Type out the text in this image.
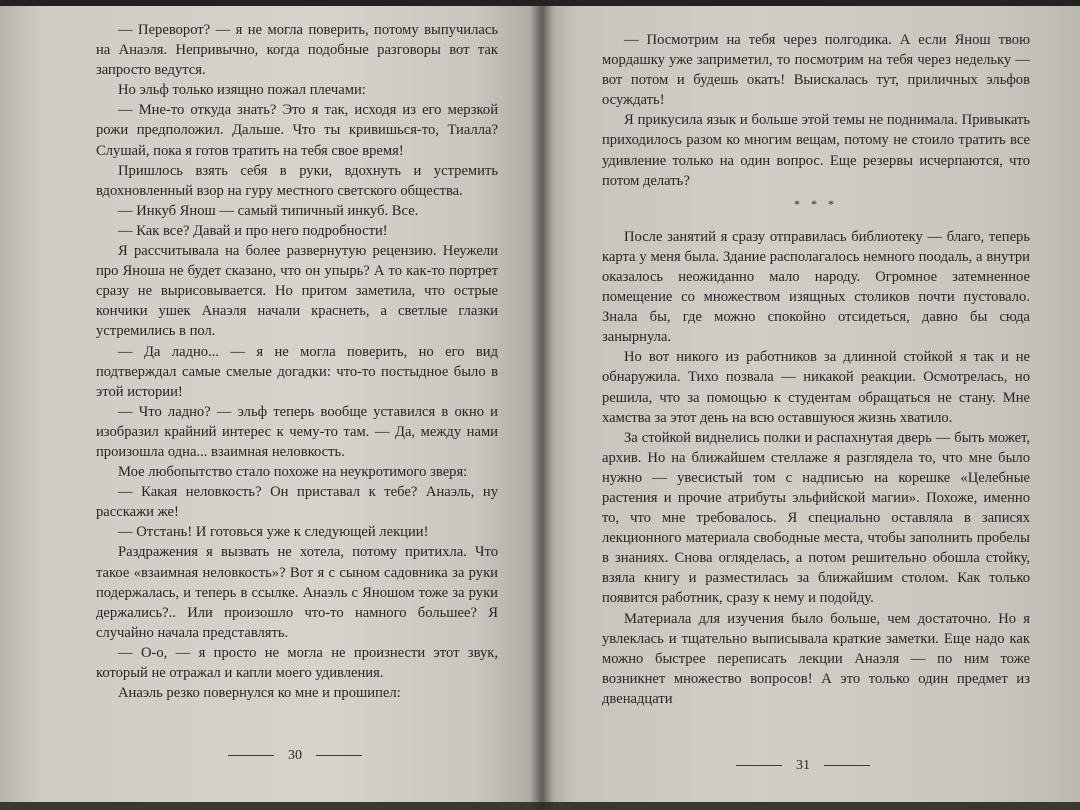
— Переворот? — я не могла поверить, потому выпучилась на Анаэля. Непривычно, когда подобные разговоры вот так запросто ведутся.

Но эльф только изящно пожал плечами:

— Мне-то откуда знать? Это я так, исходя из его мерзкой рожи предположил. Дальше. Что ты кривишься-то, Тиалла? Слушай, пока я готов тратить на тебя свое время!

Пришлось взять себя в руки, вдохнуть и устремить вдохновленный взор на гуру местного светского общества.

— Инкуб Янош — самый типичный инкуб. Все.

— Как все? Давай и про него подробности!

Я рассчитывала на более развернутую рецензию. Неужели про Яноша не будет сказано, что он упырь? А то как-то портрет сразу не вырисовывается. Но притом заметила, что острые кончики ушек Анаэля начали краснеть, а светлые глазки устремились в пол.

— Да ладно... — я не могла поверить, но его вид подтверждал самые смелые догадки: что-то постыдное было в этой истории!

— Что ладно? — эльф теперь вообще уставился в окно и изобразил крайний интерес к чему-то там. — Да, между нами произошла одна... взаимная неловкость.

Мое любопытство стало похоже на неукротимого зверя:

— Какая неловкость? Он приставал к тебе? Анаэль, ну расскажи же!

— Отстань! И готовься уже к следующей лекции!

Раздражения я вызвать не хотела, потому притихла. Что такое «взаимная неловкость»? Вот я с сыном садовника за руки подержалась, и теперь в ссылке. Анаэль с Яношом тоже за руки держались?.. Или произошло что-то намного большее? Я случайно начала представлять.

— О-о, — я просто не могла не произнести этот звук, который не отражал и капли моего удивления.

Анаэль резко повернулся ко мне и прошипел:

30

— Посмотрим на тебя через полгодика. А если Янош твою мордашку уже заприметил, то посмотрим на тебя через недельку — вот потом и будешь окать! Выискалась тут, приличных эльфов осуждать!

Я прикусила язык и больше этой темы не поднимала. Привыкать приходилось разом ко многим вещам, потому не стоило тратить все удивление только на один вопрос. Еще резервы исчерпаются, что потом делать?

* * *

После занятий я сразу отправилась библиотеку — благо, теперь карта у меня была. Здание располагалось немного поодаль, а внутри оказалось неожиданно мало народу. Огромное затемненное помещение со множеством изящных столиков почти пустовало. Знала бы, где можно спокойно отсидеться, давно бы сюда занырнула.

Но вот никого из работников за длинной стойкой я так и не обнаружила. Тихо позвала — никакой реакции. Осмотрелась, но решила, что за помощью к студентам обращаться не стану. Мне хамства за этот день на всю оставшуюся жизнь хватило.

За стойкой виднелись полки и распахнутая дверь — быть может, архив. Но на ближайшем стеллаже я разглядела то, что мне было нужно — увесистый том с надписью на корешке «Целебные растения и прочие атрибуты эльфийской магии». Похоже, именно то, что мне требовалось. Я специально оставляла в записях лекционного материала свободные места, чтобы заполнить пробелы в знаниях. Снова огляделась, а потом решительно обошла стойку, взяла книгу и разместилась за ближайшим столом. Как только появится работник, сразу к нему и подойду.

Материала для изучения было больше, чем достаточно. Но я увлеклась и тщательно выписывала краткие заметки. Еще надо как можно быстрее переписать лекции Анаэля — по ним тоже возникнет множество вопросов! А это только один предмет из двенадцати

31
